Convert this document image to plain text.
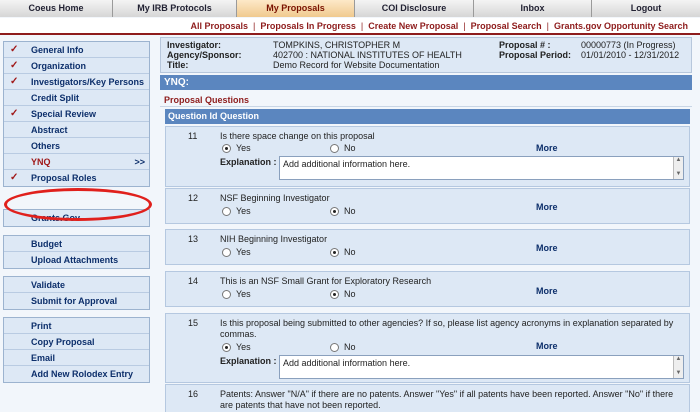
Coeus Home	My IRB Protocols	My Proposals	COI Disclosure	Inbox	Logout
All Proposals | Proposals In Progress | Create New Proposal | Proposal Search | Grants.gov Opportunity Search
✓ General Info
✓ Organization
✓ Investigators/Key Persons
Credit Split
✓ Special Review
Abstract
Others
YNQ	>>
✓ Proposal Roles
Grants.Gov
Budget
Upload Attachments
Validate
Submit for Approval
Print
Copy Proposal
Email
Add New Rolodex Entry
Investigator:	TOMPKINS, CHRISTOPHER M
Agency/Sponsor:	402700 : NATIONAL INSTITUTES OF HEALTH
Title:	Demo Record for Website Documentation
Proposal # :	00000773 (In Progress)
Proposal Period: 01/01/2010 - 12/31/2012
YNQ:
Proposal Questions
Question Id Question
11	Is there space change on this proposal
Yes	No	More
Explanation : Add additional information here.	▲
▼
12 NSF Beginning Investigator
Yes	No	More
13 NIH Beginning Investigator
Yes	No	More
14 This is an NSF Small Grant for Exploratory Research
Yes	No	More
15 Is this proposal being submitted to other agencies? If so, please list agency acronyms in explanation separated by commas.
Yes	No	More
Explanation : Add additional information here.	▲
▼
16 Patents: Answer "N/A" if there are no patents. Answer "Yes" if all patents have been reported. Answer "No" if there are patents that have not been reported.
